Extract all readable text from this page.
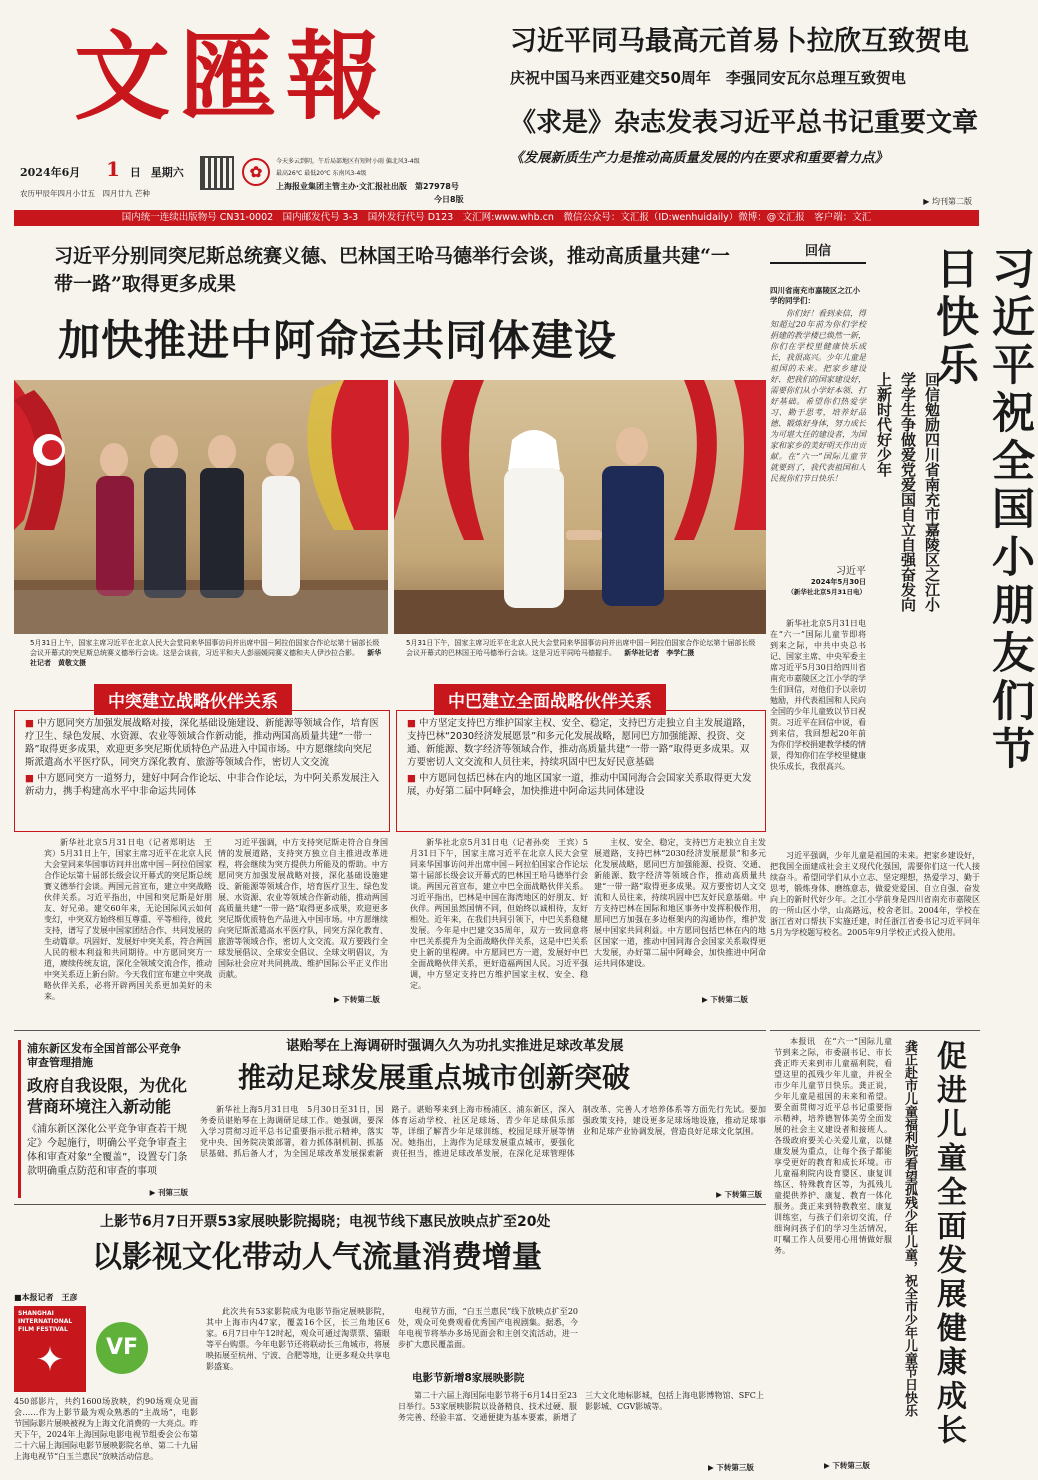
文匯報
2024年6月 1 日 星期六
农历甲辰年四月小廿五　四月廿九 芒种
✿
今天多云到阴，午后局部地区有短时小雨 偏北风3-4级
最高26℃ 最低20℃ 东南风3-4级
上海报业集团主管主办·文汇报社出版　第27978号
今日8版
习近平同马最高元首易卜拉欣互致贺电
庆祝中国马来西亚建交50周年　李强同安瓦尔总理互致贺电
《求是》杂志发表习近平总书记重要文章
《发展新质生产力是推动高质量发展的内在要求和重要着力点》
▶ 均刊第二版
国内统一连续出版物号 CN31-0002　国内邮发代号 3-3　国外发行代号 D123　文汇网:www.whb.cn　微信公众号：文汇报（ID:wenhuidaily）微博：@文汇报　客户端：文汇
习近平分别同突尼斯总统赛义德、巴林国王哈马德举行会谈，推动高质量共建“一带一路”取得更多成果
加快推进中阿命运共同体建设
5月31日上午，国家主席习近平在北京人民大会堂同来华国事访问并出席中国－阿拉伯国家合作论坛第十届部长级会议开幕式的突尼斯总统赛义德举行会谈。这是会谈前，习近平和夫人彭丽媛同赛义德和夫人伊沙拉合影。 新华社记者　黄敬文摄
5月31日下午，国家主席习近平在北京人民大会堂同来华国事访问并出席中国－阿拉伯国家合作论坛第十届部长级会议开幕式的巴林国王哈马德举行会谈。这是习近平同哈马德握手。 新华社记者　李学仁摄
中突建立战略伙伴关系	中巴建立全面战略伙伴关系
■ 中方愿同突方加强发展战略对接，深化基础设施建设、新能源等领域合作，培育医疗卫生、绿色发展、水资源、农业等领域合作新动能，推动两国高质量共建“一带一路”取得更多成果，欢迎更多突尼斯优质特色产品进入中国市场。中方愿继续向突尼斯派遣高水平医疗队，同突方深化教育、旅游等领域合作，密切人文交流
■ 中方愿同突方一道努力，建好中阿合作论坛、中非合作论坛，为中阿关系发展注入新动力，携手构建高水平中非命运共同体
■ 中方坚定支持巴方维护国家主权、安全、稳定，支持巴方走独立自主发展道路，支持巴林“2030经济发展愿景”和多元化发展战略，愿同巴方加强能源、投资、交通、新能源、数字经济等领域合作，推动高质量共建“一带一路”取得更多成果。双方要密切人文交流和人员往来，持续巩固中巴友好民意基础
■ 中方愿同包括巴林在内的地区国家一道，推动中国同海合会国家关系取得更大发展，办好第二届中阿峰会，加快推进中阿命运共同体建设

新华社北京5月31日电（记者郑明达　王宾）5月31日上午，国家主席习近平在北京人民大会堂同来华国事访问并出席中国－阿拉伯国家合作论坛第十届部长级会议开幕式的突尼斯总统赛义德举行会谈。两国元首宣布，建立中突战略伙伴关系。习近平指出，中国和突尼斯是好朋友、好兄弟。建交60年来，无论国际风云如何变幻，中突双方始终相互尊重、平等相待，彼此支持，谱写了发展中国家团结合作、共同发展的生动篇章。巩固好、发展好中突关系，符合两国人民的根本利益和共同期待。中方愿同突方一道，赓续传统友谊，深化全领域交流合作，推动中突关系迈上新台阶。今天我们宣布建立中突战略伙伴关系，必将开辟两国关系更加美好的未来。

习近平强调，中方支持突尼斯走符合自身国情的发展道路，支持突方独立自主推进改革进程，将会继续为突方提供力所能及的帮助。中方愿同突方加强发展战略对接，深化基础设施建设、新能源等领域合作，培育医疗卫生、绿色发展、水资源、农业等领域合作新动能，推动两国高质量共建“一带一路”取得更多成果，欢迎更多突尼斯优质特色产品进入中国市场。中方愿继续向突尼斯派遣高水平医疗队，同突方深化教育、旅游等领域合作，密切人文交流。双方要践行全球发展倡议、全球安全倡议、全球文明倡议，为国际社会应对共同挑战、维护国际公平正义作出贡献。

▶ 下转第二版

新华社北京5月31日电（记者孙奕　王宾）5月31日下午，国家主席习近平在北京人民大会堂同来华国事访问并出席中国－阿拉伯国家合作论坛第十届部长级会议开幕式的巴林国王哈马德举行会谈。两国元首宣布，建立中巴全面战略伙伴关系。习近平指出，巴林是中国在海湾地区的好朋友、好伙伴。两国虽然国情不同，但始终以诚相待，友好相处。近年来，在我们共同引领下，中巴关系稳健发展。今年是中巴建交35周年，双方一致同意将中巴关系提升为全面战略伙伴关系，这是中巴关系史上新的里程碑。中方愿同巴方一道，发展好中巴全面战略伙伴关系，更好造福两国人民。习近平强调，中方坚定支持巴方维护国家主权、安全、稳定。

主权、安全、稳定，支持巴方走独立自主发展道路，支持巴林“2030经济发展愿景”和多元化发展战略，愿同巴方加强能源、投资、交通、新能源、数字经济等领域合作，推动高质量共建“一带一路”取得更多成果。双方要密切人文交流和人员往来，持续巩固中巴友好民意基础。中方支持巴林在国际和地区事务中发挥积极作用，愿同巴方加强在多边框架内的沟通协作，维护发展中国家共同利益。中方愿同包括巴林在内的地区国家一道，推动中国同海合会国家关系取得更大发展，办好第二届中阿峰会，加快推进中阿命运共同体建设。

▶ 下转第二版
回信
四川省南充市嘉陵区之江小学的同学们：

你们好！看到来信，得知超过20年前为你们学校捐建的教学楼已焕然一新，你们在学校里健康快乐成长，我很高兴。少年儿童是祖国的未来。把家乡建设好、把我们的国家建设好，需要你们从小学好本领、打好基础。希望你们热爱学习、勤于思考，培养好品德、锻炼好身体，努力成长为可堪大任的建设者，为国家和家乡的美好明天作出贡献。在“六一”国际儿童节就要到了，我代表祖国和人民祝你们节日快乐！

习近平
2024年5月30日
（新华社北京5月31日电）	习近平祝全国小朋友们节日快乐
回信勉励四川省南充市嘉陵区之江小学学生争做爱党爱国自立自强奋发向上新时代好少年

新华社北京5月31日电　在“六一”国际儿童节即将到来之际，中共中央总书记、国家主席、中央军委主席习近平5月30日给四川省南充市嘉陵区之江小学的学生们回信，对他们予以亲切勉励，并代表祖国和人民向全国的少年儿童致以节日祝贺。习近平在回信中说，看到来信，我回想起20年前为你们学校捐建教学楼的情景，得知你们在学校里健康快乐成长，我很高兴。

习近平强调，少年儿童是祖国的未来。把家乡建设好，把我国全面建成社会主义现代化强国，需要你们这一代人接续奋斗。希望同学们从小立志、坚定理想，热爱学习、勤于思考，锻炼身体、磨练意志，做爱党爱国、自立自强、奋发向上的新时代好少年。之江小学前身是四川省南充市嘉陵区的一所山区小学，山高路远，校舍老旧。2004年，学校在浙江省对口帮扶下实施迁建，时任浙江省委书记习近平同年5月为学校题写校名。2005年9月学校正式投入使用。

浦东新区发布全国首部公平竞争审查管理措施
政府自我设限，为优化营商环境注入新动能
《浦东新区深化公平竞争审查若干规定》今起施行，明确公平竞争审查主体和审查对象“全覆盖”，设置专门条款明确重点防范和审查的事项
▶ 刊第三版
谌贻琴在上海调研时强调久久为功扎实推进足球改革发展
推动足球发展重点城市创新突破

新华社上海5月31日电　5月30日至31日，国务委员谌贻琴在上海调研足球工作。她强调，要深入学习贯彻习近平总书记重要指示批示精神，落实党中央、国务院决策部署，着力抓体制机制、抓基层基础、抓后备人才，为全国足球改革发展探索新路子。谌贻琴来到上海市杨浦区、浦东新区，深入体育运动学校、社区足球场、青少年足球俱乐部等，详细了解青少年足球训练、校园足球开展等情况。她指出，上海作为足球发展重点城市，要强化责任担当，推进足球改革发展，在深化足球管理体制改革、完善人才培养体系等方面先行先试。要加强政策支持，建设更多足球场地设施，推动足球事业和足球产业协调发展，营造良好足球文化氛围。

▶ 下转第三版
上影节6月7日开票53家展映影院揭晓；电视节线下惠民放映点扩至20处
以影视文化带动人气流量消费增量
■本报记者　王彦
SHANGHAI INTERNATIONAL FILM FESTIVAL
✦	VF

450部影片，共约1600场放映，约90场观众见面会……作为上影节最为观众熟悉的“主战场”，电影节国际影片展映被视为上海文化消费的一大亮点。昨天下午，2024年上海国际电影电视节组委会公布第二十六届上海国际电影节展映影院名单、第二十九届上海电视节“白玉兰惠民”放映活动信息。

此次共有53家影院成为电影节指定展映影院，其中上海市内47家，覆盖16个区，长三角地区6家。6月7日中午12时起，观众可通过淘票票、猫眼等平台购票。今年电影节还将联动长三角城市，将展映拓展至杭州、宁波、合肥等地，让更多观众共享电影盛宴。

电视节方面，“白玉兰惠民”线下放映点扩至20处，观众可免费观看优秀国产电视剧集。据悉，今年电视节将举办多场见面会和主创交流活动，进一步扩大惠民覆盖面。

电影节新增8家展映影院

第二十六届上海国际电影节将于6月14日至23日举行。53家展映影院以设备精良、技术过硬、服务完善、经验丰富、交通便捷为基本要素，新增了三大文化地标影城，包括上海电影博物馆、SFC上影影城、CGV影城等。

▶ 下转第三版
促进儿童全面发展健康成长
龚正赴市儿童福利院看望孤残少年儿童，祝全市少年儿童节日快乐

本报讯　在“六一”国际儿童节到来之际，市委副书记、市长龚正昨天来到市儿童福利院，看望这里的孤残少年儿童，并祝全市少年儿童节日快乐。龚正说，少年儿童是祖国的未来和希望。要全面贯彻习近平总书记重要指示精神，培养德智体美劳全面发展的社会主义建设者和接班人。各级政府要关心关爱儿童，以健康发展为重点，让每个孩子都能享受更好的教育和成长环境。市儿童福利院内设育婴区、康复训练区、特殊教育区等，为孤残儿童提供养护、康复、教育一体化服务。龚正来到特教教室、康复训练室，与孩子们亲切交流，仔细询问孩子们的学习生活情况，叮嘱工作人员要用心用情做好服务。

▶ 下转第三版
